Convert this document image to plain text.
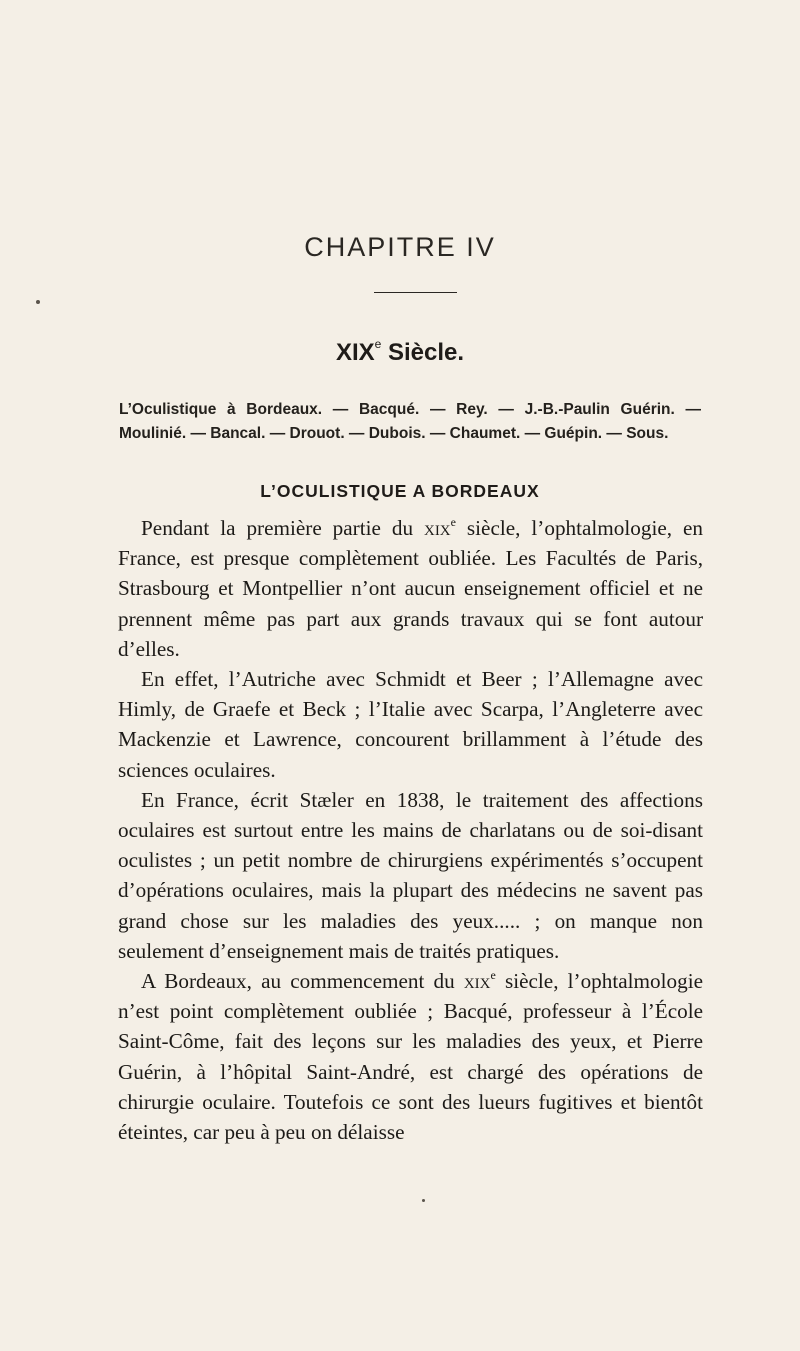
CHAPITRE IV
XIXe Siècle.

L’Oculistique à Bordeaux. — Bacqué. — Rey. — J.-B.-Paulin Guérin. — Moulinié. — Bancal. — Drouot. — Dubois. — Chaumet. — Guépin. — Sous.

L’OCULISTIQUE A BORDEAUX

Pendant la première partie du xix$^e$ siècle, l’ophtalmologie, en France, est presque complètement oubliée. Les Facultés de Paris, Strasbourg et Montpellier n’ont aucun enseignement officiel et ne prennent même pas part aux grands travaux qui se font autour d’elles.

En effet, l’Autriche avec Schmidt et Beer ; l’Allemagne avec Himly, de Graefe et Beck ; l’Italie avec Scarpa, l’Angleterre avec Mackenzie et Lawrence, concourent brillamment à l’étude des sciences oculaires.

En France, écrit Stæler en 1838, le traitement des affections oculaires est surtout entre les mains de charlatans ou de soi-disant oculistes ; un petit nombre de chirurgiens expérimentés s’occupent d’opérations oculaires, mais la plupart des médecins ne savent pas grand chose sur les maladies des yeux..... ; on manque non seulement d’enseignement mais de traités pratiques.

A Bordeaux, au commencement du xix$^e$ siècle, l’ophtalmologie n’est point complètement oubliée ; Bacqué, professeur à l’École Saint-Côme, fait des leçons sur les maladies des yeux, et Pierre Guérin, à l’hôpital Saint-André, est chargé des opérations de chirurgie oculaire. Toutefois ce sont des lueurs fugitives et bientôt éteintes, car peu à peu on délaisse
